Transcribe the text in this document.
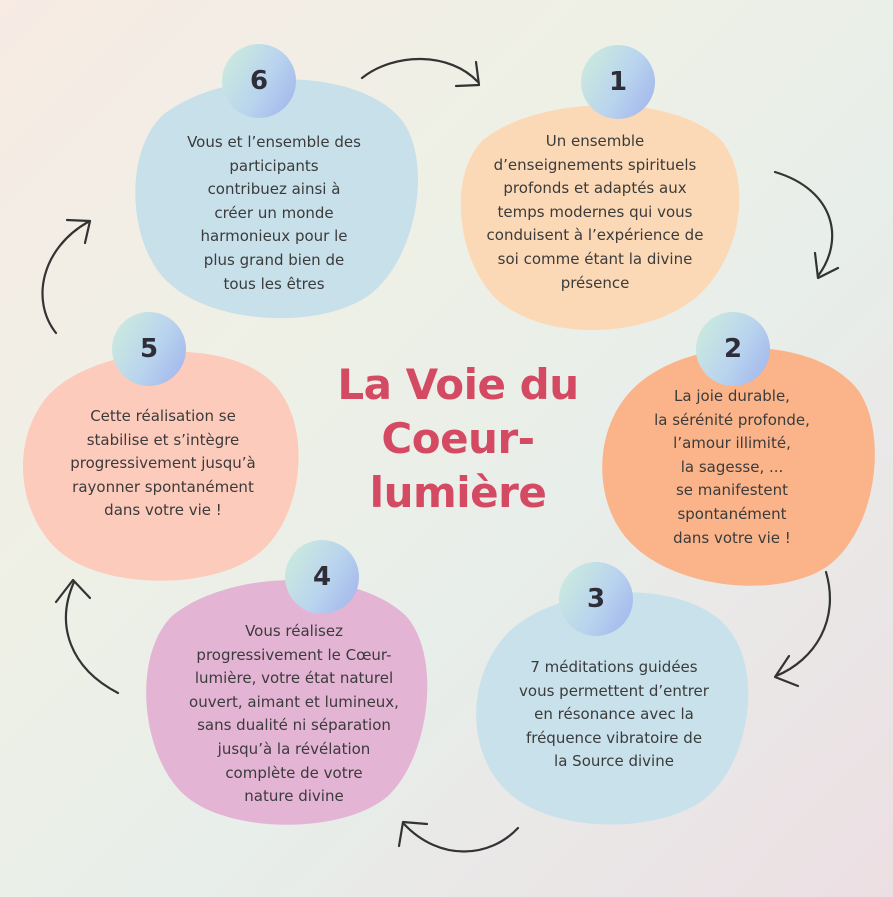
1
Un ensemble
d’enseignements spirituels
profonds et adaptés aux
temps modernes qui vous
conduisent à l’expérience de
soi comme étant la divine
présence
2
La joie durable,
la sérénité profonde,
l’amour illimité,
la sagesse, ...
se manifestent
spontanément
dans votre vie !
3
7 méditations guidées
vous permettent d’entrer
en résonance avec la
fréquence vibratoire de
la Source divine
4
Vous réalisez
progressivement le Cœur-
lumière, votre état naturel
ouvert, aimant et lumineux,
sans dualité ni séparation
jusqu’à la révélation
complète de votre
nature divine
5
Cette réalisation se
stabilise et s’intègre
progressivement jusqu’à
rayonner spontanément
dans votre vie !
6
Vous et l’ensemble des
participants
contribuez ainsi à
créer un monde
harmonieux pour le
plus grand bien de
tous les êtres
La Voie du
Coeur-
lumière
